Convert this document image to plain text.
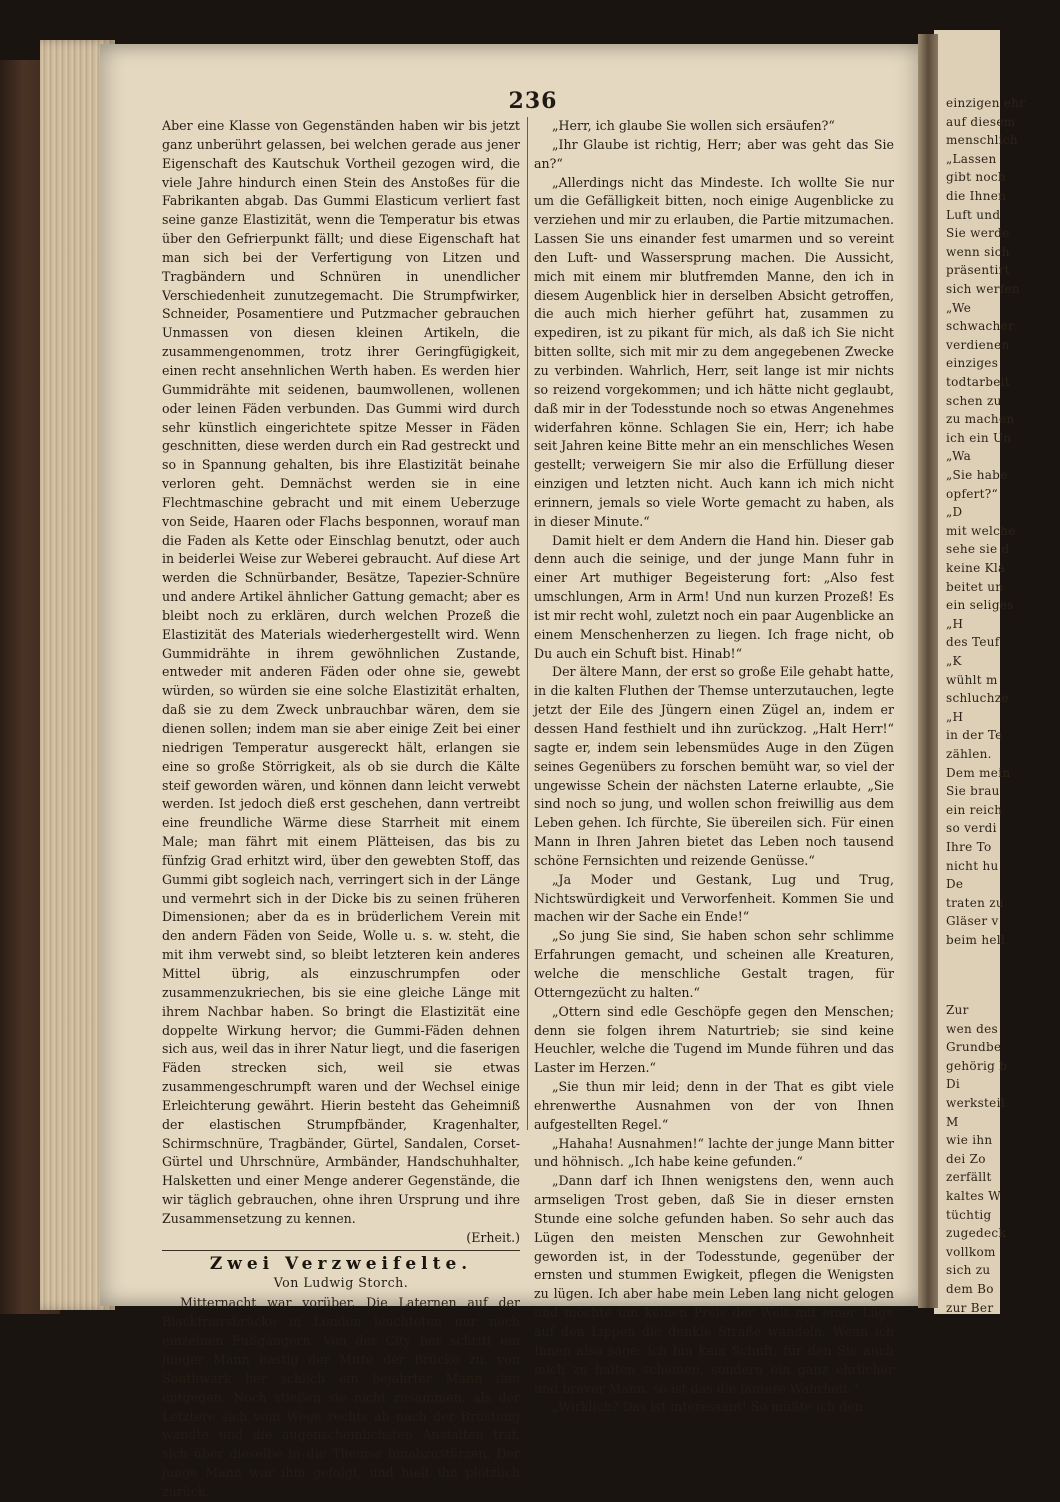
einzigen ehr
auf diesem
menschlich
„Lassen
gibt noch
die Ihnen
Luft und
Sie werde
wenn sich
präsentirt
sich werfen
„We
schwacher
verdienen
einziges
todtarbeit
schen zu
zu machen
ich ein Un
„Wa
„Sie habe
opfert?“
„D
mit welche
sehe sie d
keine Kla
beitet un
ein seliges
„H
des Teuf
„K
wühlt m
schluchze
„H
in der Te
zählen.
Dem mein
Sie brau
ein reich
so verdi
Ihre To
nicht hu
De
traten zu
Gläser v
beim hell
Zur
wen des
Grundbe
gehörig b
Di
werksteil
M
wie ihn
dei Zo
zerfällt
kaltes W
tüchtig
zugedeck
vollkom
sich zu
dem Bo
zur Ber
236

Aber eine Klasse von Gegenständen haben wir bis jetzt ganz unberührt gelassen, bei welchen gerade aus jener Eigenschaft des Kautschuk Vortheil gezogen wird, die viele Jahre hindurch einen Stein des Anstoßes für die Fabrikanten abgab. Das Gummi Elasticum verliert fast seine ganze Elastizität, wenn die Temperatur bis etwas über den Gefrierpunkt fällt; und diese Eigenschaft hat man sich bei der Verfertigung von Litzen und Tragbändern und Schnüren in unendlicher Verschiedenheit zunutzegemacht. Die Strumpfwirker, Schneider, Posamentiere und Putzmacher gebrauchen Unmassen von diesen kleinen Artikeln, die zusammengenommen, trotz ihrer Geringfügigkeit, einen recht ansehnlichen Werth haben. Es werden hier Gummidrähte mit seidenen, baumwollenen, wollenen oder leinen Fäden verbunden. Das Gummi wird durch sehr künstlich eingerichtete spitze Messer in Fäden geschnitten, diese werden durch ein Rad gestreckt und so in Spannung gehalten, bis ihre Elastizität beinahe verloren geht. Demnächst werden sie in eine Flechtmaschine gebracht und mit einem Ueberzuge von Seide, Haaren oder Flachs besponnen, worauf man die Faden als Kette oder Einschlag benutzt, oder auch in beiderlei Weise zur Weberei gebraucht. Auf diese Art werden die Schnürbander, Besätze, Tapezier-Schnüre und andere Artikel ähnlicher Gattung gemacht; aber es bleibt noch zu erklären, durch welchen Prozeß die Elastizität des Materials wiederhergestellt wird. Wenn Gummidrähte in ihrem gewöhnlichen Zustande, entweder mit anderen Fäden oder ohne sie, gewebt würden, so würden sie eine solche Elastizität erhalten, daß sie zu dem Zweck unbrauchbar wären, dem sie dienen sollen; indem man sie aber einige Zeit bei einer niedrigen Temperatur ausgereckt hält, erlangen sie eine so große Störrigkeit, als ob sie durch die Kälte steif geworden wären, und können dann leicht verwebt werden. Ist jedoch dieß erst geschehen, dann vertreibt eine freundliche Wärme diese Starrheit mit einem Male; man fährt mit einem Plätteisen, das bis zu fünfzig Grad erhitzt wird, über den gewebten Stoff, das Gummi gibt sogleich nach, verringert sich in der Länge und vermehrt sich in der Dicke bis zu seinen früheren Dimensionen; aber da es in brüderlichem Verein mit den andern Fäden von Seide, Wolle u. s. w. steht, die mit ihm verwebt sind, so bleibt letzteren kein anderes Mittel übrig, als einzuschrumpfen oder zusammenzukriechen, bis sie eine gleiche Länge mit ihrem Nachbar haben. So bringt die Elastizität eine doppelte Wirkung hervor; die Gummi-Fäden dehnen sich aus, weil das in ihrer Natur liegt, und die faserigen Fäden strecken sich, weil sie etwas zusammengeschrumpft waren und der Wechsel einige Erleichterung gewährt. Hierin besteht das Geheimniß der elastischen Strumpfbänder, Kragenhalter, Schirmschnüre, Tragbänder, Gürtel, Sandalen, Corset-Gürtel und Uhrschnüre, Armbänder, Handschuhhalter, Halsketten und einer Menge anderer Gegenstände, die wir täglich gebrauchen, ohne ihren Ursprung und ihre Zusammensetzung zu kennen.

(Erheit.)

Zwei Verzweifelte.
Von Ludwig Storch.

Mitternacht war vorüber. Die Laternen auf der Blackfriarsbrücke in London leuchteten nur noch einzelnen Fußgängern. Von der City her schritt ein junger Mann hastig der Mitte der Brücke zu, von Southwark her schlich ein bejahrter Mann ihm entgegen. Noch stießen sie nicht zusammen, als der Letztere sich vom Wege rechts ab nach der Brüstung wandte und die augenscheinlichsten Anstalten traf, sich über dieselbe in die Themse hinabzustürzen. Der junge Mann war ihm gefolgt, und hielt ihn plötzlich zurück.

„Herr, ich glaube Sie wollen sich ersäufen?“

„Ihr Glaube ist richtig, Herr; aber was geht das Sie an?“

„Allerdings nicht das Mindeste. Ich wollte Sie nur um die Gefälligkeit bitten, noch einige Augenblicke zu verziehen und mir zu erlauben, die Partie mitzumachen. Lassen Sie uns einander fest umarmen und so vereint den Luft- und Wassersprung machen. Die Aussicht, mich mit einem mir blutfremden Manne, den ich in diesem Augenblick hier in derselben Absicht getroffen, die auch mich hierher geführt hat, zusammen zu expediren, ist zu pikant für mich, als daß ich Sie nicht bitten sollte, sich mit mir zu dem angegebenen Zwecke zu verbinden. Wahrlich, Herr, seit lange ist mir nichts so reizend vorgekommen; und ich hätte nicht geglaubt, daß mir in der Todesstunde noch so etwas Angenehmes widerfahren könne. Schlagen Sie ein, Herr; ich habe seit Jahren keine Bitte mehr an ein menschliches Wesen gestellt; verweigern Sie mir also die Erfüllung dieser einzigen und letzten nicht. Auch kann ich mich nicht erinnern, jemals so viele Worte gemacht zu haben, als in dieser Minute.“

Damit hielt er dem Andern die Hand hin. Dieser gab denn auch die seinige, und der junge Mann fuhr in einer Art muthiger Begeisterung fort: „Also fest umschlungen, Arm in Arm! Und nun kurzen Prozeß! Es ist mir recht wohl, zuletzt noch ein paar Augenblicke an einem Menschenherzen zu liegen. Ich frage nicht, ob Du auch ein Schuft bist. Hinab!“

Der ältere Mann, der erst so große Eile gehabt hatte, in die kalten Fluthen der Themse unterzutauchen, legte jetzt der Eile des Jüngern einen Zügel an, indem er dessen Hand festhielt und ihn zurückzog. „Halt Herr!“ sagte er, indem sein lebensmüdes Auge in den Zügen seines Gegenübers zu forschen bemüht war, so viel der ungewisse Schein der nächsten Laterne erlaubte, „Sie sind noch so jung, und wollen schon freiwillig aus dem Leben gehen. Ich fürchte, Sie übereilen sich. Für einen Mann in Ihren Jahren bietet das Leben noch tausend schöne Fernsichten und reizende Genüsse.“

„Ja Moder und Gestank, Lug und Trug, Nichtswürdigkeit und Verworfenheit. Kommen Sie und machen wir der Sache ein Ende!“

„So jung Sie sind, Sie haben schon sehr schlimme Erfahrungen gemacht, und scheinen alle Kreaturen, welche die menschliche Gestalt tragen, für Otterngezücht zu halten.“

„Ottern sind edle Geschöpfe gegen den Menschen; denn sie folgen ihrem Naturtrieb; sie sind keine Heuchler, welche die Tugend im Munde führen und das Laster im Herzen.“

„Sie thun mir leid; denn in der That es gibt viele ehrenwerthe Ausnahmen von der von Ihnen aufgestellten Regel.“

„Hahaha! Ausnahmen!“ lachte der junge Mann bitter und höhnisch. „Ich habe keine gefunden.“

„Dann darf ich Ihnen wenigstens den, wenn auch armseligen Trost geben, daß Sie in dieser ernsten Stunde eine solche gefunden haben. So sehr auch das Lügen den meisten Menschen zur Gewohnheit geworden ist, in der Todesstunde, gegenüber der ernsten und stummen Ewigkeit, pflegen die Wenigsten zu lügen. Ich aber habe mein Leben lang nicht gelogen und möchte um keinen Preis der Welt mit einer Lüge auf den Lippen die dunkle Straße wandeln. Wenn ich Ihnen also sage: ich bin kein Schuft, für den Sie auch mich zu halten scheinen, sondern ein ganz ehrlicher und braver Mann, so ist das die lautere Wahrheit.“

„Wirklich? Das ist interessant! So müßte ich den
